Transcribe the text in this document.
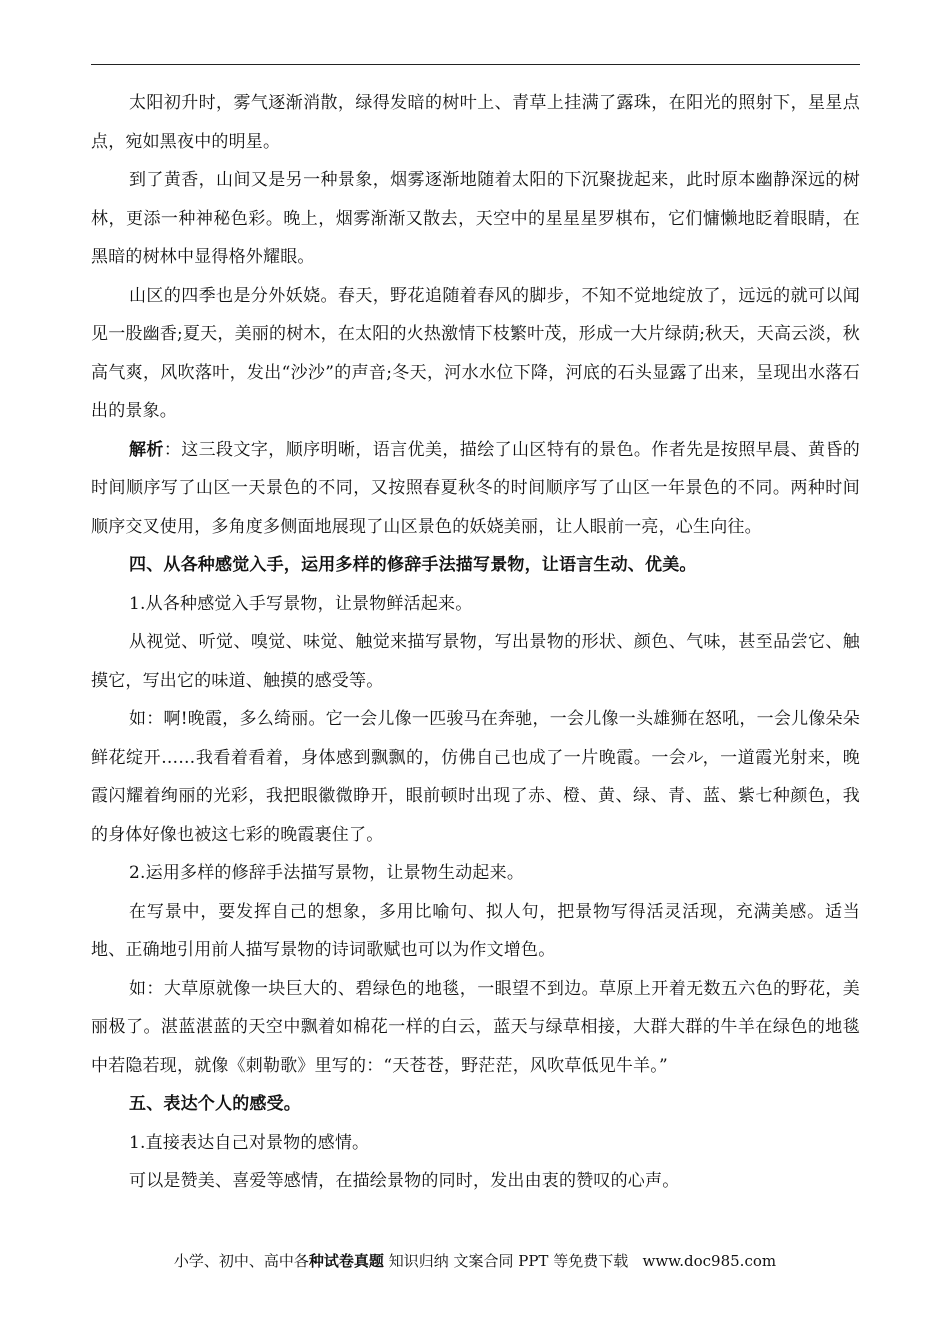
太阳初升时，雾气逐渐消散，绿得发暗的树叶上、青草上挂满了露珠，在阳光的照射下，星星点点，宛如黑夜中的明星。

到了黄香，山间又是另一种景象，烟雾逐渐地随着太阳的下沉聚拢起来，此时原本幽静深远的树林，更添一种神秘色彩。晚上，烟雾渐渐又散去，天空中的星星星罗棋布，它们慵懒地眨着眼睛，在黑暗的树林中显得格外耀眼。

山区的四季也是分外妖娆。春天，野花追随着春风的脚步，不知不觉地绽放了，远远的就可以闻见一股幽香;夏天，美丽的树木，在太阳的火热激情下枝繁叶茂，形成一大片绿荫;秋天，天高云淡，秋高气爽，风吹落叶，发出“沙沙”的声音;冬天，河水水位下降，河底的石头显露了出来，呈现出水落石出的景象。

解析：这三段文字，顺序明晰，语言优美，描绘了山区特有的景色。作者先是按照早晨、黄昏的时间顺序写了山区一天景色的不同，又按照春夏秋冬的时间顺序写了山区一年景色的不同。两种时间顺序交叉使用，多角度多侧面地展现了山区景色的妖娆美丽，让人眼前一亮，心生向往。

四、从各种感觉入手，运用多样的修辞手法描写景物，让语言生动、优美。

1.从各种感觉入手写景物，让景物鲜活起来。

从视觉、听觉、嗅觉、味觉、触觉来描写景物，写出景物的形状、颜色、气味，甚至品尝它、触摸它，写出它的味道、触摸的感受等。

如：啊!晚霞，多么绮丽。它一会儿像一匹骏马在奔驰，一会儿像一头雄狮在怒吼，一会儿像朵朵鲜花绽开……我看着看着，身体感到飘飘的，仿佛自己也成了一片晚霞。一会ル，一道霞光射来，晚霞闪耀着绚丽的光彩，我把眼徽微睁开，眼前顿时出现了赤、橙、黄、绿、青、蓝、紫七种颜色，我的身体好像也被这七彩的晚霞裹住了。

2.运用多样的修辞手法描写景物，让景物生动起来。

在写景中，要发挥自己的想象，多用比喻句、拟人句，把景物写得活灵活现，充满美感。适当地、正确地引用前人描写景物的诗词歌赋也可以为作文增色。

如：大草原就像一块巨大的、碧绿色的地毯，一眼望不到边。草原上开着无数五六色的野花，美丽极了。湛蓝湛蓝的天空中飘着如棉花一样的白云，蓝天与绿草相接，大群大群的牛羊在绿色的地毯中若隐若现，就像《刺勒歌》里写的：“天苍苍，野茫茫，风吹草低见牛羊。”

五、表达个人的感受。

1.直接表达自己对景物的感情。

可以是赞美、喜爱等感情，在描绘景物的同时，发出由衷的赞叹的心声。

小学、初中、高中各种试卷真题 知识归纳 文案合同 PPT 等免费下载   www.doc985.com
